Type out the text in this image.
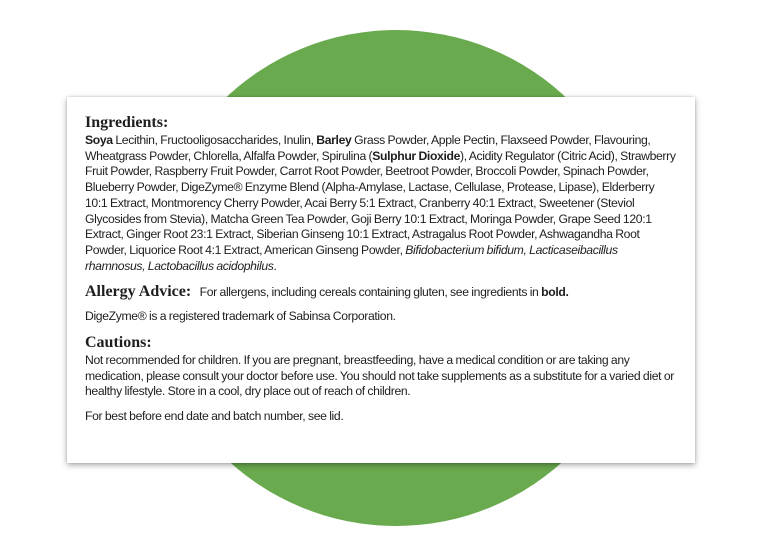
Ingredients:
Soya Lecithin, Fructooligosaccharides, Inulin, Barley Grass Powder, Apple Pectin, Flaxseed Powder, Flavouring, Wheatgrass Powder, Chlorella, Alfalfa Powder, Spirulina (Sulphur Dioxide), Acidity Regulator (Citric Acid), Strawberry Fruit Powder, Raspberry Fruit Powder, Carrot Root Powder, Beetroot Powder, Broccoli Powder, Spinach Powder, Blueberry Powder, DigeZyme® Enzyme Blend (Alpha-Amylase, Lactase, Cellulase, Protease, Lipase), Elderberry 10:1 Extract, Montmorency Cherry Powder, Acai Berry 5:1 Extract, Cranberry 40:1 Extract, Sweetener (Steviol Glycosides from Stevia), Matcha Green Tea Powder, Goji Berry 10:1 Extract, Moringa Powder, Grape Seed 120:1 Extract, Ginger Root 23:1 Extract, Siberian Ginseng 10:1 Extract, Astragalus Root Powder, Ashwagandha Root Powder, Liquorice Root 4:1 Extract, American Ginseng Powder, Bifidobacterium bifidum, Lacticaseibacillus rhamnosus, Lactobacillus acidophilus.
Allergy Advice: For allergens, including cereals containing gluten, see ingredients in bold.
DigeZyme® is a registered trademark of Sabinsa Corporation.
Cautions:
Not recommended for children. If you are pregnant, breastfeeding, have a medical condition or are taking any medication, please consult your doctor before use. You should not take supplements as a substitute for a varied diet or healthy lifestyle. Store in a cool, dry place out of reach of children.
For best before end date and batch number, see lid.
